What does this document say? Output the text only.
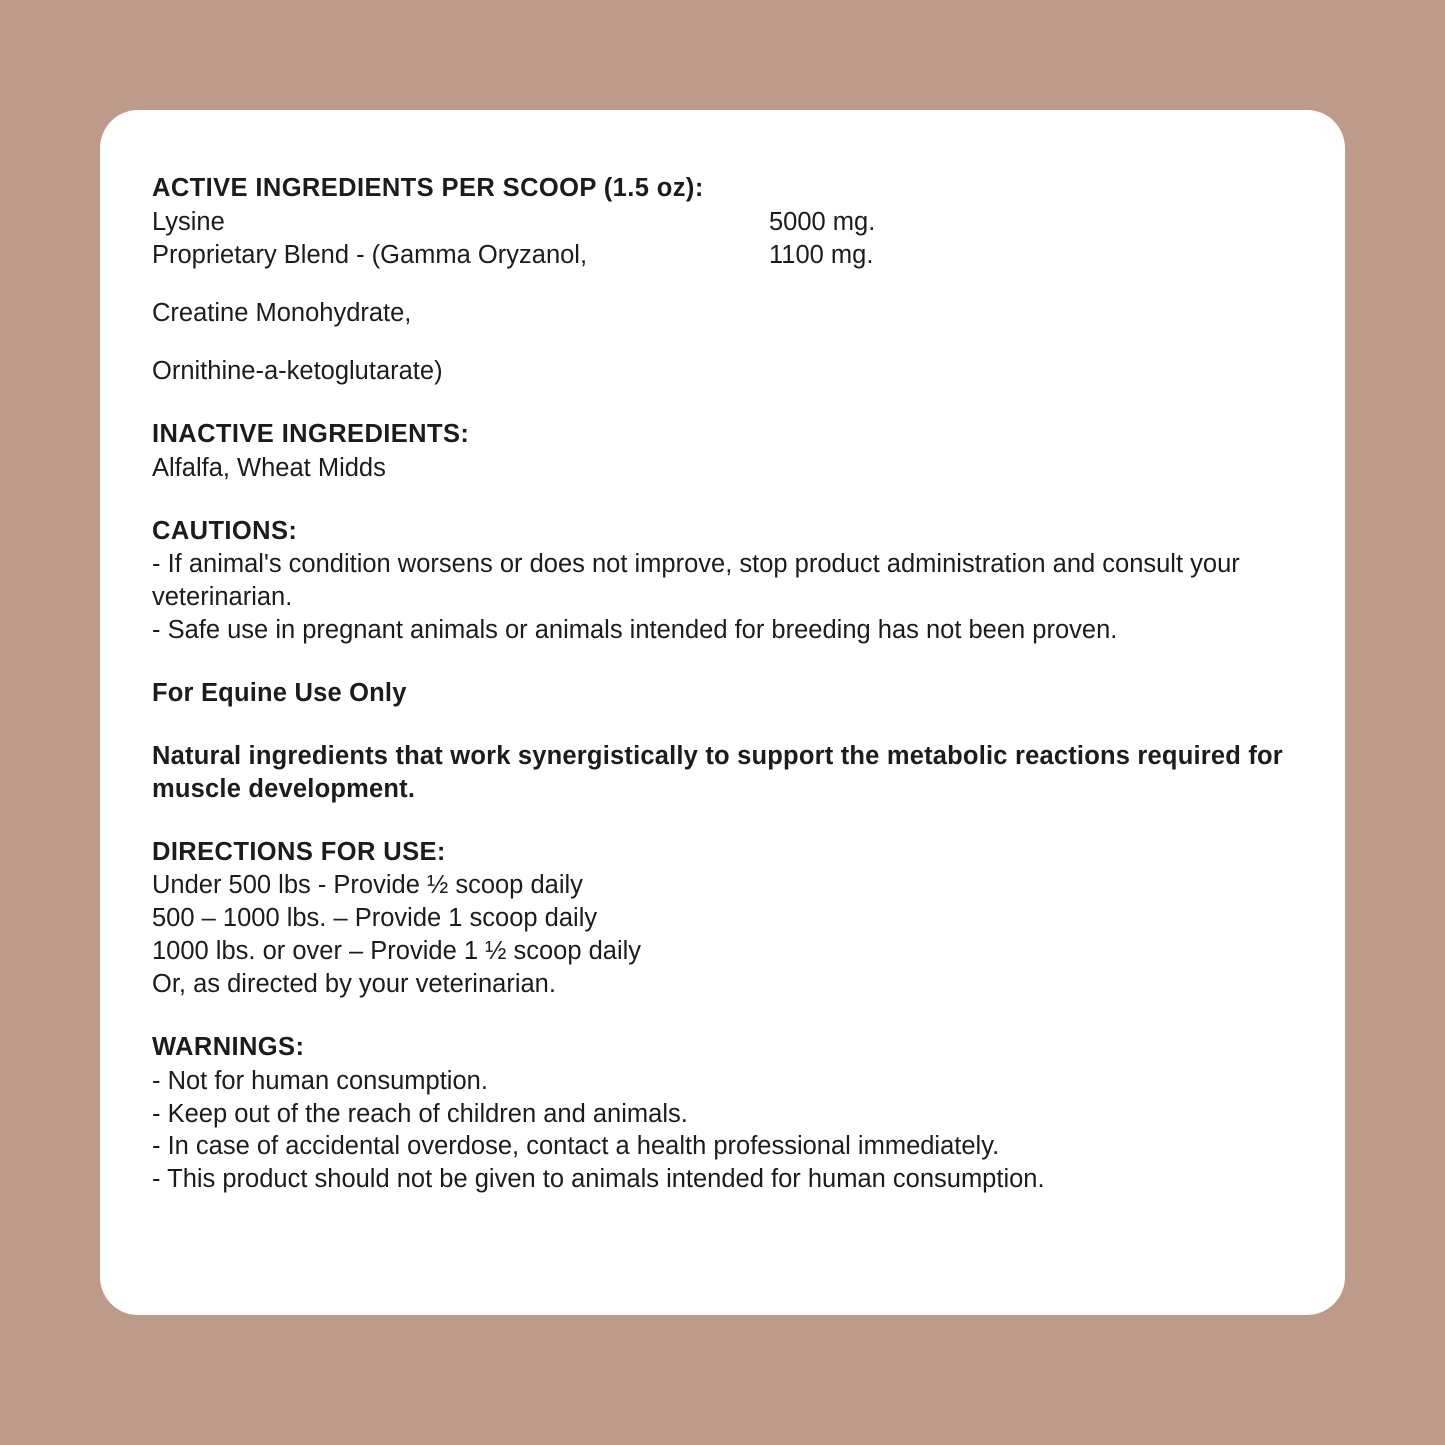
ACTIVE INGREDIENTS PER SCOOP (1.5 oz):

Lysine	5000 mg.
Proprietary Blend - (Gamma Oryzanol,	1100 mg.

Creatine Monohydrate,

Ornithine-a-ketoglutarate)

INACTIVE INGREDIENTS:

Alfalfa, Wheat Midds

CAUTIONS:

- If animal's condition worsens or does not improve, stop product administration and consult your veterinarian.

- Safe use in pregnant animals or animals intended for breeding has not been proven.

For Equine Use Only

Natural ingredients that work synergistically to support the metabolic reactions required for muscle development.

DIRECTIONS FOR USE:

Under 500 lbs - Provide ½ scoop daily

500 – 1000 lbs. – Provide 1 scoop daily

1000 lbs. or over – Provide 1 ½ scoop daily

Or, as directed by your veterinarian.

WARNINGS:

- Not for human consumption.

- Keep out of the reach of children and animals.

- In case of accidental overdose, contact a health professional immediately.

- This product should not be given to animals intended for human consumption.
